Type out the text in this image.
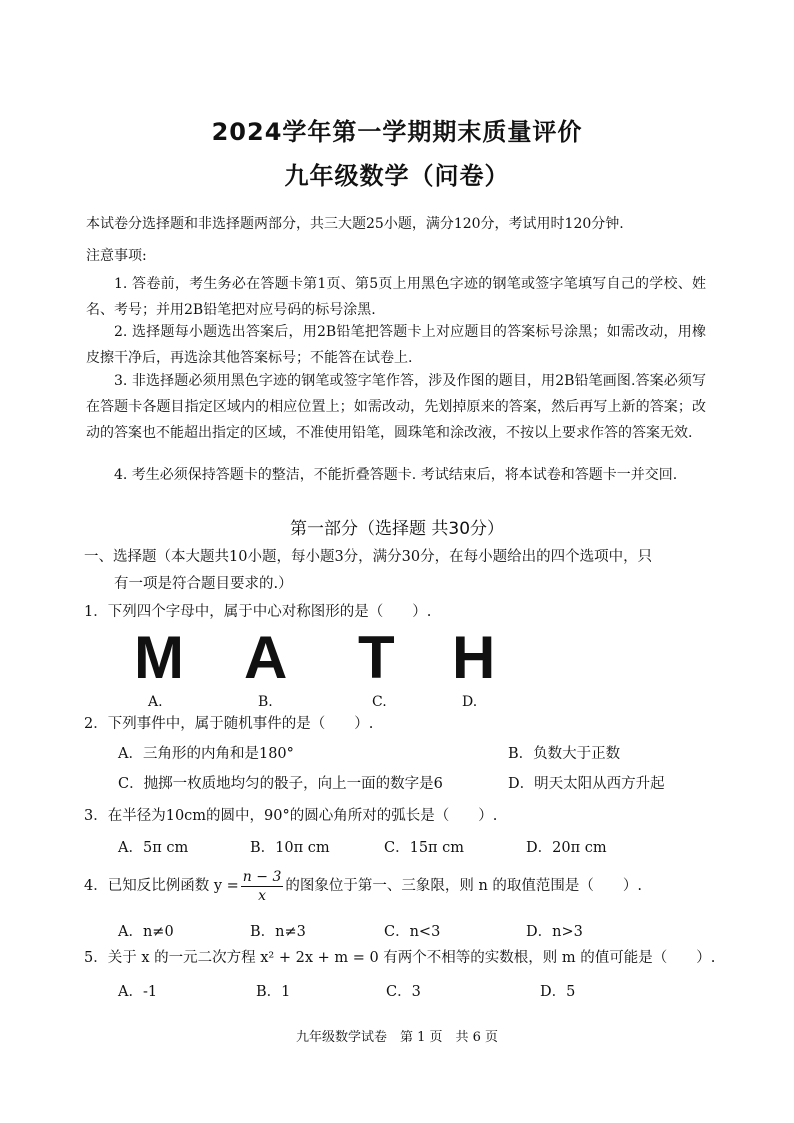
2024学年第一学期期末质量评价
九年级数学（问卷）
本试卷分选择题和非选择题两部分，共三大题25小题，满分120分，考试用时120分钟.
注意事项:
1. 答卷前，考生务必在答题卡第1页、第5页上用黑色字迹的钢笔或签字笔填写自己的学校、姓名、考号；并用2B铅笔把对应号码的标号涂黑.
2. 选择题每小题选出答案后，用2B铅笔把答题卡上对应题目的答案标号涂黑；如需改动，用橡皮擦干净后，再选涂其他答案标号；不能答在试卷上.
3. 非选择题必须用黑色字迹的钢笔或签字笔作答，涉及作图的题目，用2B铅笔画图.答案必须写在答题卡各题目指定区域内的相应位置上；如需改动，先划掉原来的答案，然后再写上新的答案；改动的答案也不能超出指定的区域，不准使用铅笔，圆珠笔和涂改液，不按以上要求作答的答案无效.
4. 考生必须保持答题卡的整洁，不能折叠答题卡. 考试结束后，将本试卷和答题卡一并交回.
第一部分（选择题 共30分）
一、选择题（本大题共10小题，每小题3分，满分30分，在每小题给出的四个选项中，只
有一项是符合题目要求的.）
1．下列四个字母中，属于中心对称图形的是（　　）.
M A T H
A.	B.	C.	D.
2．下列事件中，属于随机事件的是（　　）.
A．三角形的内角和是180°	B．负数大于正数
C．抛掷一枚质地均匀的骰子，向上一面的数字是6	D．明天太阳从西方升起
3．在半径为10cm的圆中，90°的圆心角所对的弧长是（　　）.
A．5π cm	B．10π cm	C．15π cm	D．20π cm
4．已知反比例函数 $y = \frac{n - 3}{x}$ 的图象位于第一、三象限，则 n 的取值范围是（　　）.
A．n≠0	B．n≠3	C．n<3	D．n>3
5．关于 x 的一元二次方程 x² + 2x + m = 0 有两个不相等的实数根，则 m 的值可能是（　　）.
A．-1	B．1	C．3	D．5
九年级数学试卷　第 1 页　共 6 页
